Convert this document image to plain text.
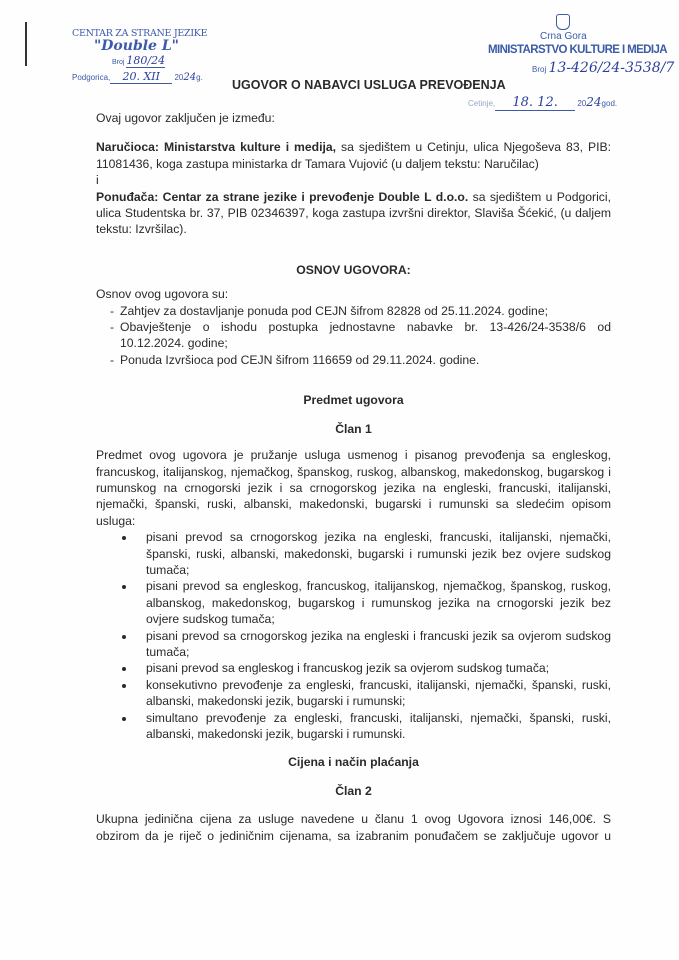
CENTAR ZA STRANE JEZIKE
"Double L"
Broj 180/24
Podgorica, 20. XII 2024g.
UGOVOR O NABAVCI USLUGA PREVOĐENJA
Crna Gora
MINISTARSTVO KULTURE I MEDIJA
Broj 13-426/24-3538/7
Cetinje, 18. 12. 2024god.
Ovaj ugovor zaključen je između:
Naručioca: Ministarstva kulture i medija, sa sjedištem u Cetinju, ulica Njegoševa 83, PIB: 11081436, koga zastupa ministarka dr Tamara Vujović (u daljem tekstu: Naručilac)
i
Ponuđača: Centar za strane jezike i prevođenje Double L d.o.o. sa sjedištem u Podgorici, ulica Studentska br. 37, PIB 02346397, koga zastupa izvršni direktor, Slaviša Šćekić, (u daljem tekstu: Izvršilac).
OSNOV UGOVORA:
Osnov ovog ugovora su:
- Zahtjev za dostavljanje ponuda pod CEJN šifrom 82828 od 25.11.2024. godine;
- Obavještenje o ishodu postupka jednostavne nabavke br. 13-426/24-3538/6 od 10.12.2024. godine;
- Ponuda Izvršioca pod CEJN šifrom 116659 od 29.11.2024. godine.
Predmet ugovora
Član 1
Predmet ovog ugovora je pružanje usluga usmenog i pisanog prevođenja sa engleskog, francuskog, italijanskog, njemačkog, španskog, ruskog, albanskog, makedonskog, bugarskog i rumunskog na crnogorski jezik i sa crnogorskog jezika na engleski, francuski, italijanski, njemački, španski, ruski, albanski, makedonski, bugarski i rumunski sa sledećim opisom usluga:
• pisani prevod sa crnogorskog jezika na engleski, francuski, italijanski, njemački, španski, ruski, albanski, makedonski, bugarski i rumunski jezik bez ovjere sudskog tumača;
• pisani prevod sa engleskog, francuskog, italijanskog, njemačkog, španskog, ruskog, albanskog, makedonskog, bugarskog i rumunskog jezika na crnogorski jezik bez ovjere sudskog tumača;
• pisani prevod sa crnogorskog jezika na engleski i francuski jezik sa ovjerom sudskog tumača;
• pisani prevod sa engleskog i francuskog jezik sa ovjerom sudskog tumača;
• konsekutivno prevođenje za engleski, francuski, italijanski, njemački, španski, ruski, albanski, makedonski jezik, bugarski i rumunski;
• simultano prevođenje za engleski, francuski, italijanski, njemački, španski, ruski, albanski, makedonski jezik, bugarski i rumunski.
Cijena i način plaćanja
Član 2
Ukupna jedinična cijena za usluge navedene u članu 1 ovog Ugovora iznosi 146,00€. S obzirom da je riječ o jediničnim cijenama, sa izabranim ponuđačem se zaključuje ugovor u
